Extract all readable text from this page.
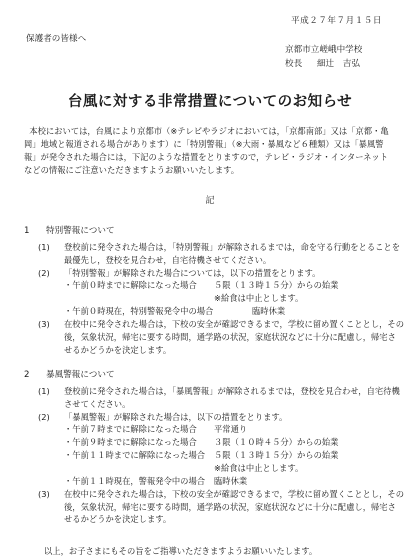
平成２７年７月１５日
保護者の皆様へ
京都市立嵯峨中学校
校長 細辻　吉弘
台風に対する非常措置についてのお知らせ
本校においては，台風により京都市（※テレビやラジオにおいては，「京都南部」又は「京都・亀岡」地域と報道される場合があります）に「特別警報」（※大雨・暴風など６種類）又は「暴風警報」が発令された場合には，下記のような措置をとりますので，テレビ・ラジオ・インターネットなどの情報にご注意いただきますようお願いいたします。
記
1 特別警報について
(1)	登校前に発令された場合は，「特別警報」が解除されるまでは，命を守る行動をとることを最優先し，登校を見合わせ，自宅待機させてください。
(2)	「特別警報」が解除された場合については，以下の措置をとります。
・午前０時までに解除になった場合	５限（１３時１５分）からの始業
※給食は中止とします。
・午前０時現在，特別警報発令中の場合	臨時休業
(3)	在校中に発令された場合は，下校の安全が確認できるまで，学校に留め置くこととし，その後，気象状況，帰宅に要する時間，通学路の状況，家庭状況などに十分に配慮し，帰宅させるかどうかを決定します。
2 暴風警報について
(1)	登校前に発令された場合は，「暴風警報」が解除されるまでは，登校を見合わせ，自宅待機させてください。
(2)	「暴風警報」が解除された場合は，以下の措置をとります。
・午前７時までに解除になった場合	平常通り
・午前９時までに解除になった場合	３限（１０時４５分）からの始業
・午前１１時までに解除になった場合	５限（１３時１５分）からの始業
※給食は中止とします。
・午前１１時現在，警報発令中の場合	臨時休業
(3)	在校中に発令された場合は，下校の安全が確認できるまで，学校に留め置くこととし，その後，気象状況，帰宅に要する時間，通学路の状況，家庭状況などに十分に配慮し，帰宅させるかどうかを決定します。
以上，お子さまにもその旨をご指導いただきますようお願いいたします。
